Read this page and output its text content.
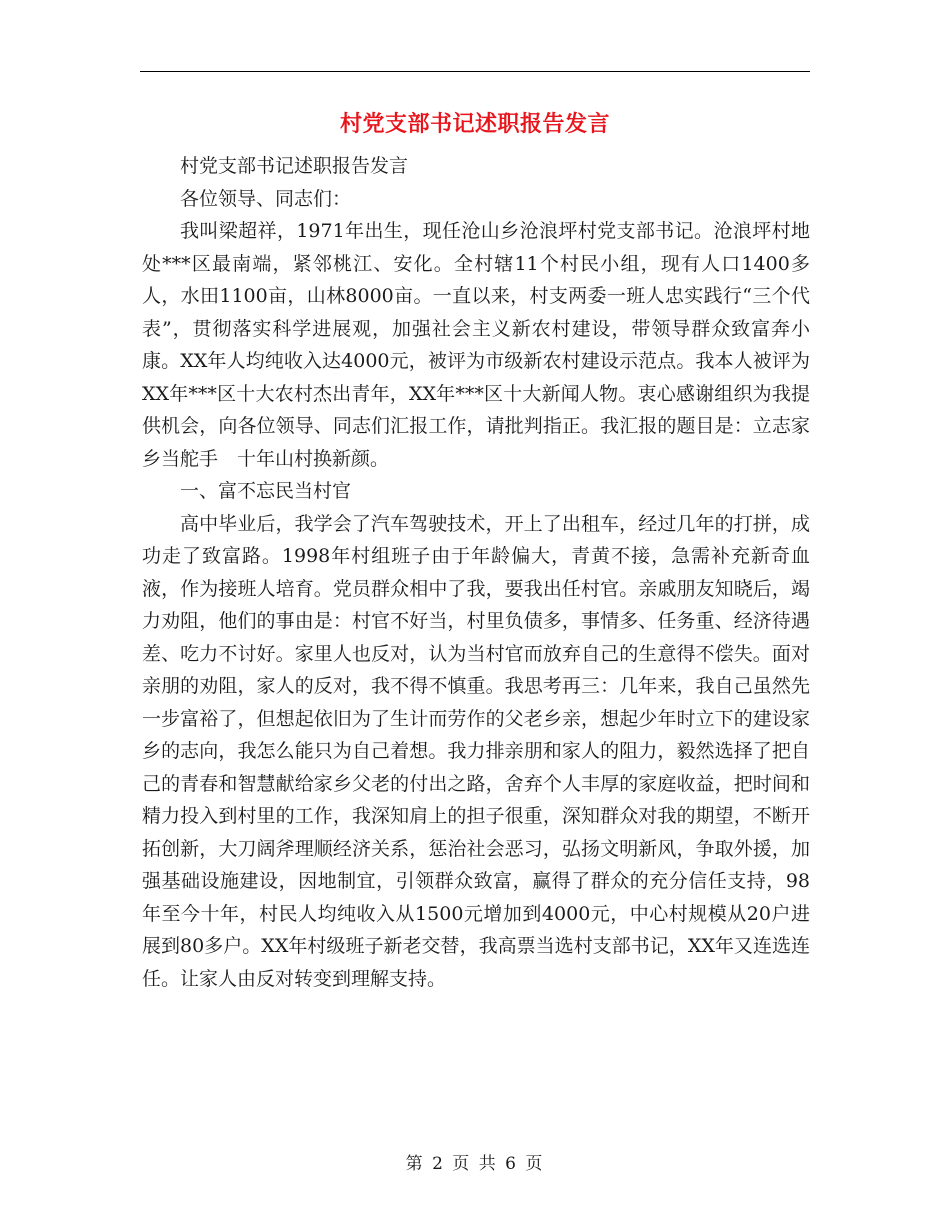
村党支部书记述职报告发言

村党支部书记述职报告发言

各位领导、同志们：

我叫梁超祥，1971年出生，现任沧山乡沧浪坪村党支部书记。沧浪坪村地处***区最南端，紧邻桃江、安化。全村辖11个村民小组，现有人口1400多人，水田1100亩，山林8000亩。一直以来，村支两委一班人忠实践行“三个代表”，贯彻落实科学进展观，加强社会主义新农村建设，带领导群众致富奔小康。XX年人均纯收入达4000元，被评为市级新农村建设示范点。我本人被评为XX年***区十大农村杰出青年，XX年***区十大新闻人物。衷心感谢组织为我提供机会，向各位领导、同志们汇报工作，请批判指正。我汇报的题目是：立志家乡当舵手　十年山村换新颜。

一、富不忘民当村官

高中毕业后，我学会了汽车驾驶技术，开上了出租车，经过几年的打拼，成功走了致富路。1998年村组班子由于年龄偏大，青黄不接，急需补充新奇血液，作为接班人培育。党员群众相中了我，要我出任村官。亲戚朋友知晓后，竭力劝阻，他们的事由是：村官不好当，村里负债多，事情多、任务重、经济待遇差、吃力不讨好。家里人也反对，认为当村官而放弃自己的生意得不偿失。面对亲朋的劝阻，家人的反对，我不得不慎重。我思考再三：几年来，我自己虽然先一步富裕了，但想起依旧为了生计而劳作的父老乡亲，想起少年时立下的建设家乡的志向，我怎么能只为自己着想。我力排亲朋和家人的阻力，毅然选择了把自己的青春和智慧献给家乡父老的付出之路，舍弃个人丰厚的家庭收益，把时间和精力投入到村里的工作，我深知肩上的担子很重，深知群众对我的期望，不断开拓创新，大刀阔斧理顺经济关系，惩治社会恶习，弘扬文明新风，争取外援，加强基础设施建设，因地制宜，引领群众致富，赢得了群众的充分信任支持，98年至今十年，村民人均纯收入从1500元增加到4000元，中心村规模从20户进展到80多户。XX年村级班子新老交替，我高票当选村支部书记，XX年又连选连任。让家人由反对转变到理解支持。

第 2 页 共 6 页
